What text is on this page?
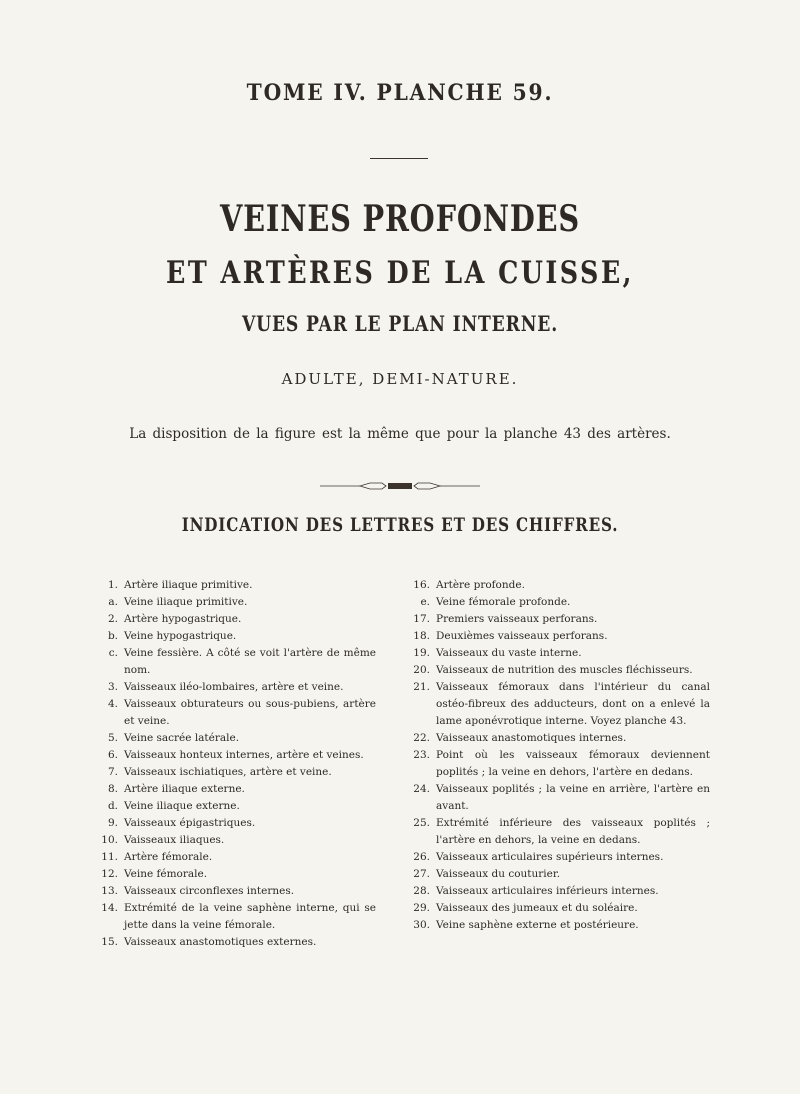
TOME IV. PLANCHE 59.
VEINES PROFONDES
ET ARTÈRES DE LA CUISSE,
VUES PAR LE PLAN INTERNE.
ADULTE, DEMI-NATURE.
La disposition de la figure est la même que pour la planche 43 des artères.
INDICATION DES LETTRES ET DES CHIFFRES.
1. Artère iliaque primitive.
a. Veine iliaque primitive.
2. Artère hypogastrique.
b. Veine hypogastrique.
c. Veine fessière. A côté se voit l'artère de même nom.
3. Vaisseaux iléo-lombaires, artère et veine.
4. Vaisseaux obturateurs ou sous-pubiens, artère et veine.
5. Veine sacrée latérale.
6. Vaisseaux honteux internes, artère et veines.
7. Vaisseaux ischiatiques, artère et veine.
8. Artère iliaque externe.
d. Veine iliaque externe.
9. Vaisseaux épigastriques.
10. Vaisseaux iliaques.
11. Artère fémorale.
12. Veine fémorale.
13. Vaisseaux circonflexes internes.
14. Extrémité de la veine saphène interne, qui se jette dans la veine fémorale.
15. Vaisseaux anastomotiques externes.
16. Artère profonde.
e. Veine fémorale profonde.
17. Premiers vaisseaux perforans.
18. Deuxièmes vaisseaux perforans.
19. Vaisseaux du vaste interne.
20. Vaisseaux de nutrition des muscles fléchisseurs.
21. Vaisseaux fémoraux dans l'intérieur du canal ostéo-fibreux des adducteurs, dont on a enlevé la lame aponévrotique interne. Voyez planche 43.
22. Vaisseaux anastomotiques internes.
23. Point où les vaisseaux fémoraux deviennent poplités ; la veine en dehors, l'artère en dedans.
24. Vaisseaux poplités ; la veine en arrière, l'artère en avant.
25. Extrémité inférieure des vaisseaux poplités ; l'artère en dehors, la veine en dedans.
26. Vaisseaux articulaires supérieurs internes.
27. Vaisseaux du couturier.
28. Vaisseaux articulaires inférieurs internes.
29. Vaisseaux des jumeaux et du soléaire.
30. Veine saphène externe et postérieure.
